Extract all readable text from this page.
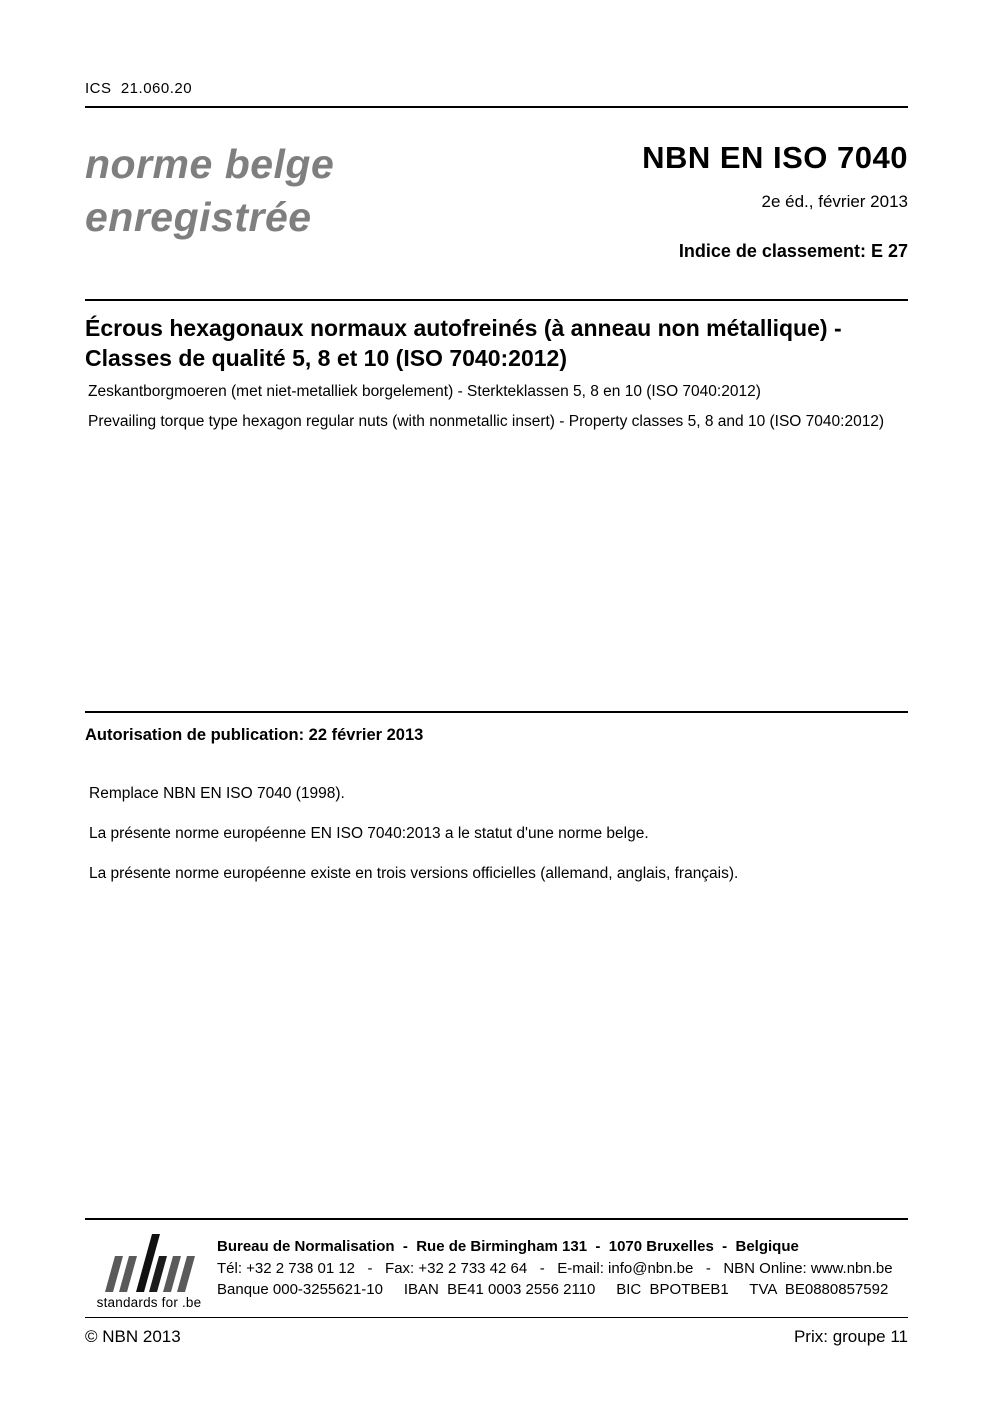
ICS  21.060.20
norme belge
enregistrée
NBN EN ISO 7040
2e éd., février 2013
Indice de classement: E 27
Écrous hexagonaux normaux autofreinés (à anneau non métallique) - Classes de qualité 5, 8 et 10 (ISO 7040:2012)
Zeskantborgmoeren (met niet-metalliek borgelement) - Sterkteklassen 5, 8 en 10 (ISO 7040:2012)
Prevailing torque type hexagon regular nuts (with nonmetallic insert) - Property classes 5, 8 and 10 (ISO 7040:2012)
Autorisation de publication: 22 février 2013

Remplace NBN EN ISO 7040 (1998).

La présente norme européenne EN ISO 7040:2013 a le statut d'une norme belge.

La présente norme européenne existe en trois versions officielles (allemand, anglais, français).

standards for .be
Bureau de Normalisation  -  Rue de Birmingham 131  -  1070 Bruxelles  -  Belgique
Tél: +32 2 738 01 12   -   Fax: +32 2 733 42 64   -   E-mail: info@nbn.be   -   NBN Online: www.nbn.be
Banque 000-3255621-10     IBAN  BE41 0003 2556 2110     BIC  BPOTBEB1     TVA  BE0880857592
© NBN 2013	Prix: groupe 11
